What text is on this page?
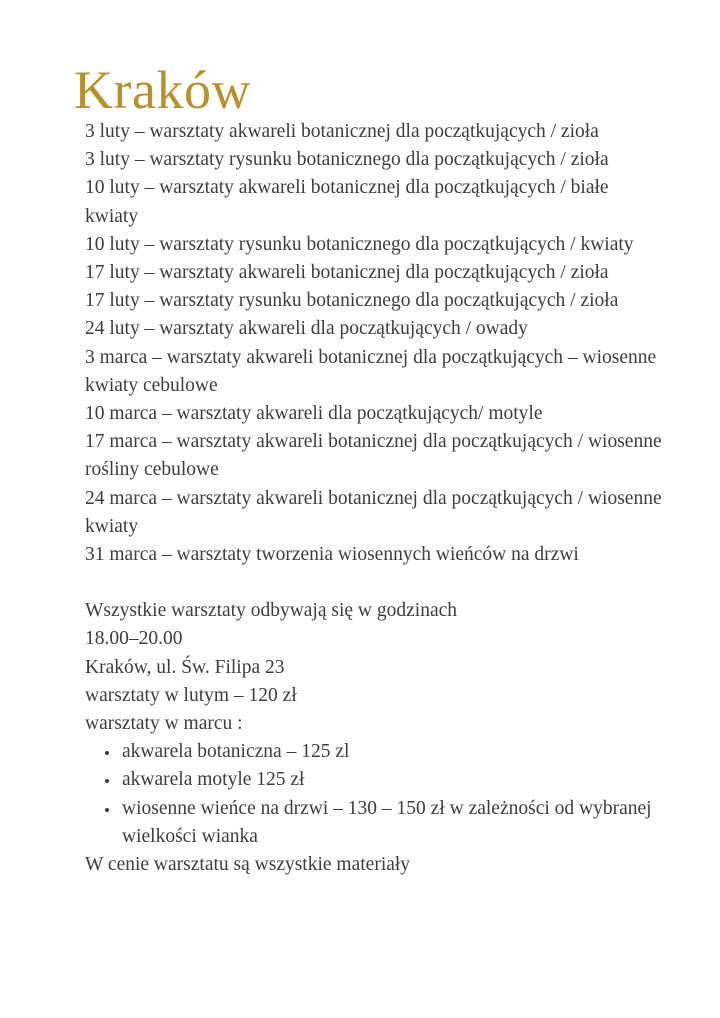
Kraków
3 luty – warsztaty akwareli botanicznej dla początkujących / zioła
3 luty – warsztaty rysunku botanicznego dla początkujących / zioła
10 luty – warsztaty akwareli botanicznej dla początkujących / białe kwiaty
10 luty – warsztaty rysunku botanicznego dla początkujących / kwiaty
17 luty – warsztaty akwareli botanicznej dla początkujących / zioła
17 luty – warsztaty rysunku botanicznego dla początkujących / zioła
24 luty – warsztaty akwareli dla początkujących / owady
3 marca – warsztaty akwareli botanicznej dla początkujących – wiosenne kwiaty cebulowe
10 marca – warsztaty akwareli dla początkujących/ motyle
17 marca – warsztaty akwareli botanicznej dla początkujących / wiosenne rośliny cebulowe
24 marca – warsztaty akwareli botanicznej dla początkujących / wiosenne kwiaty
31 marca – warsztaty tworzenia wiosennych wieńców na drzwi
Wszystkie warsztaty odbywają się w godzinach
18.00–20.00
Kraków, ul. Św. Filipa 23
warsztaty w lutym – 120 zł
warsztaty w marcu :
• akwarela botaniczna – 125 zl
• akwarela motyle 125 zł
• wiosenne wieńce na drzwi – 130 – 150 zł w zależności od wybranej wielkości wianka
W cenie warsztatu są wszystkie materiały
